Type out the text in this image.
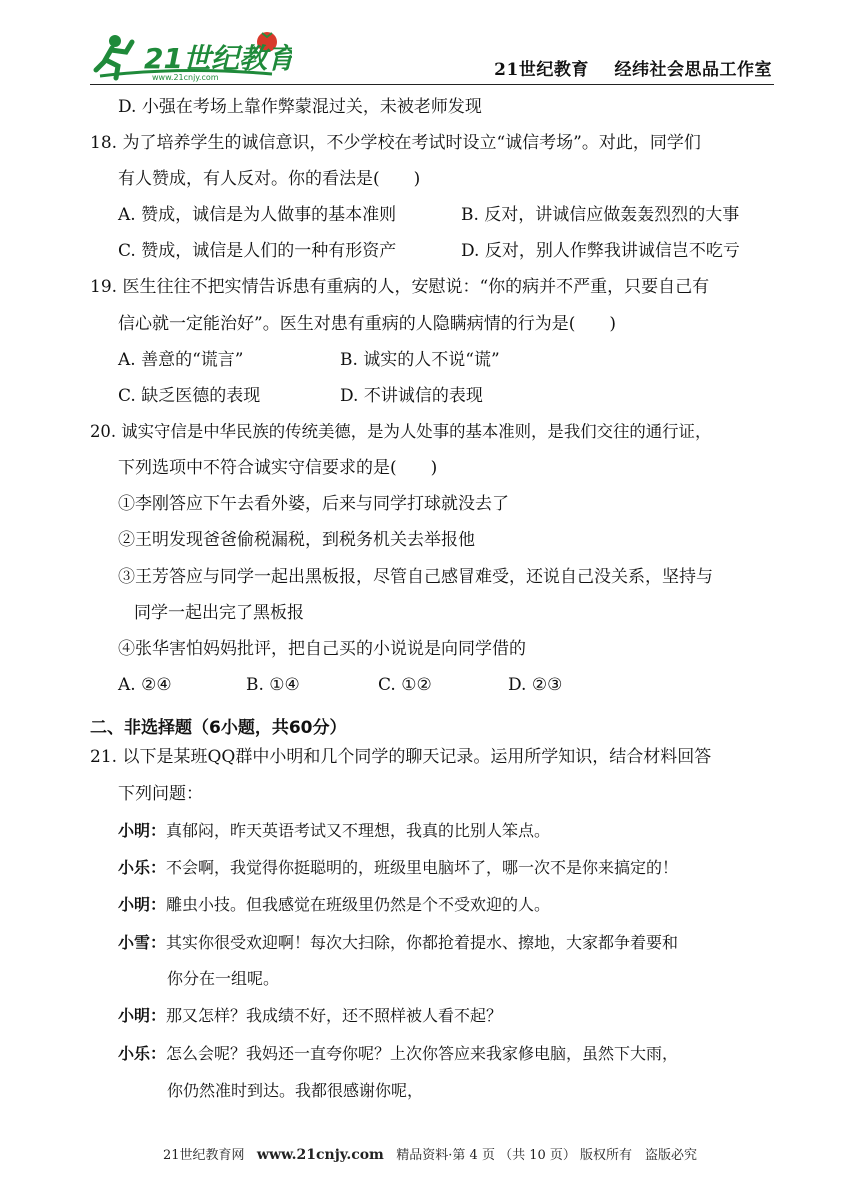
21世纪教育
www.21cnjy.com	21世纪教育    经纬社会思品工作室
D. 小强在考场上靠作弊蒙混过关，未被老师发现
18. 为了培养学生的诚信意识，不少学校在考试时设立“诚信考场”。对此，同学们
有人赞成，有人反对。你的看法是(　　)
A. 赞成，诚信是为人做事的基本准则	B. 反对，讲诚信应做轰轰烈烈的大事
C. 赞成，诚信是人们的一种有形资产	D. 反对，别人作弊我讲诚信岂不吃亏
19. 医生往往不把实情告诉患有重病的人，安慰说：“你的病并不严重，只要自己有
信心就一定能治好”。医生对患有重病的人隐瞒病情的行为是(　　)
A. 善意的“谎言”	B. 诚实的人不说“谎”
C. 缺乏医德的表现	D. 不讲诚信的表现
20. 诚实守信是中华民族的传统美德，是为人处事的基本准则，是我们交往的通行证，
下列选项中不符合诚实守信要求的是(　　)
①李刚答应下午去看外婆，后来与同学打球就没去了
②王明发现爸爸偷税漏税，到税务机关去举报他
③王芳答应与同学一起出黑板报，尽管自己感冒难受，还说自己没关系，坚持与
同学一起出完了黑板报
④张华害怕妈妈批评，把自己买的小说说是向同学借的
A. ②④	B. ①④	C. ①②	D. ②③
二、非选择题（6小题，共60分）
21. 以下是某班QQ群中小明和几个同学的聊天记录。运用所学知识，结合材料回答
下列问题：
小明：真郁闷，昨天英语考试又不理想，我真的比别人笨点。
小乐：不会啊，我觉得你挺聪明的，班级里电脑坏了，哪一次不是你来搞定的！
小明：雕虫小技。但我感觉在班级里仍然是个不受欢迎的人。
小雪：其实你很受欢迎啊！每次大扫除，你都抢着提水、擦地，大家都争着要和
你分在一组呢。
小明：那又怎样？我成绩不好，还不照样被人看不起？
小乐：怎么会呢？我妈还一直夸你呢？上次你答应来我家修电脑，虽然下大雨，
你仍然准时到达。我都很感谢你呢，
21世纪教育网 www.21cnjy.com 精品资料·第 4 页 （共 10 页） 版权所有　盗版必究
